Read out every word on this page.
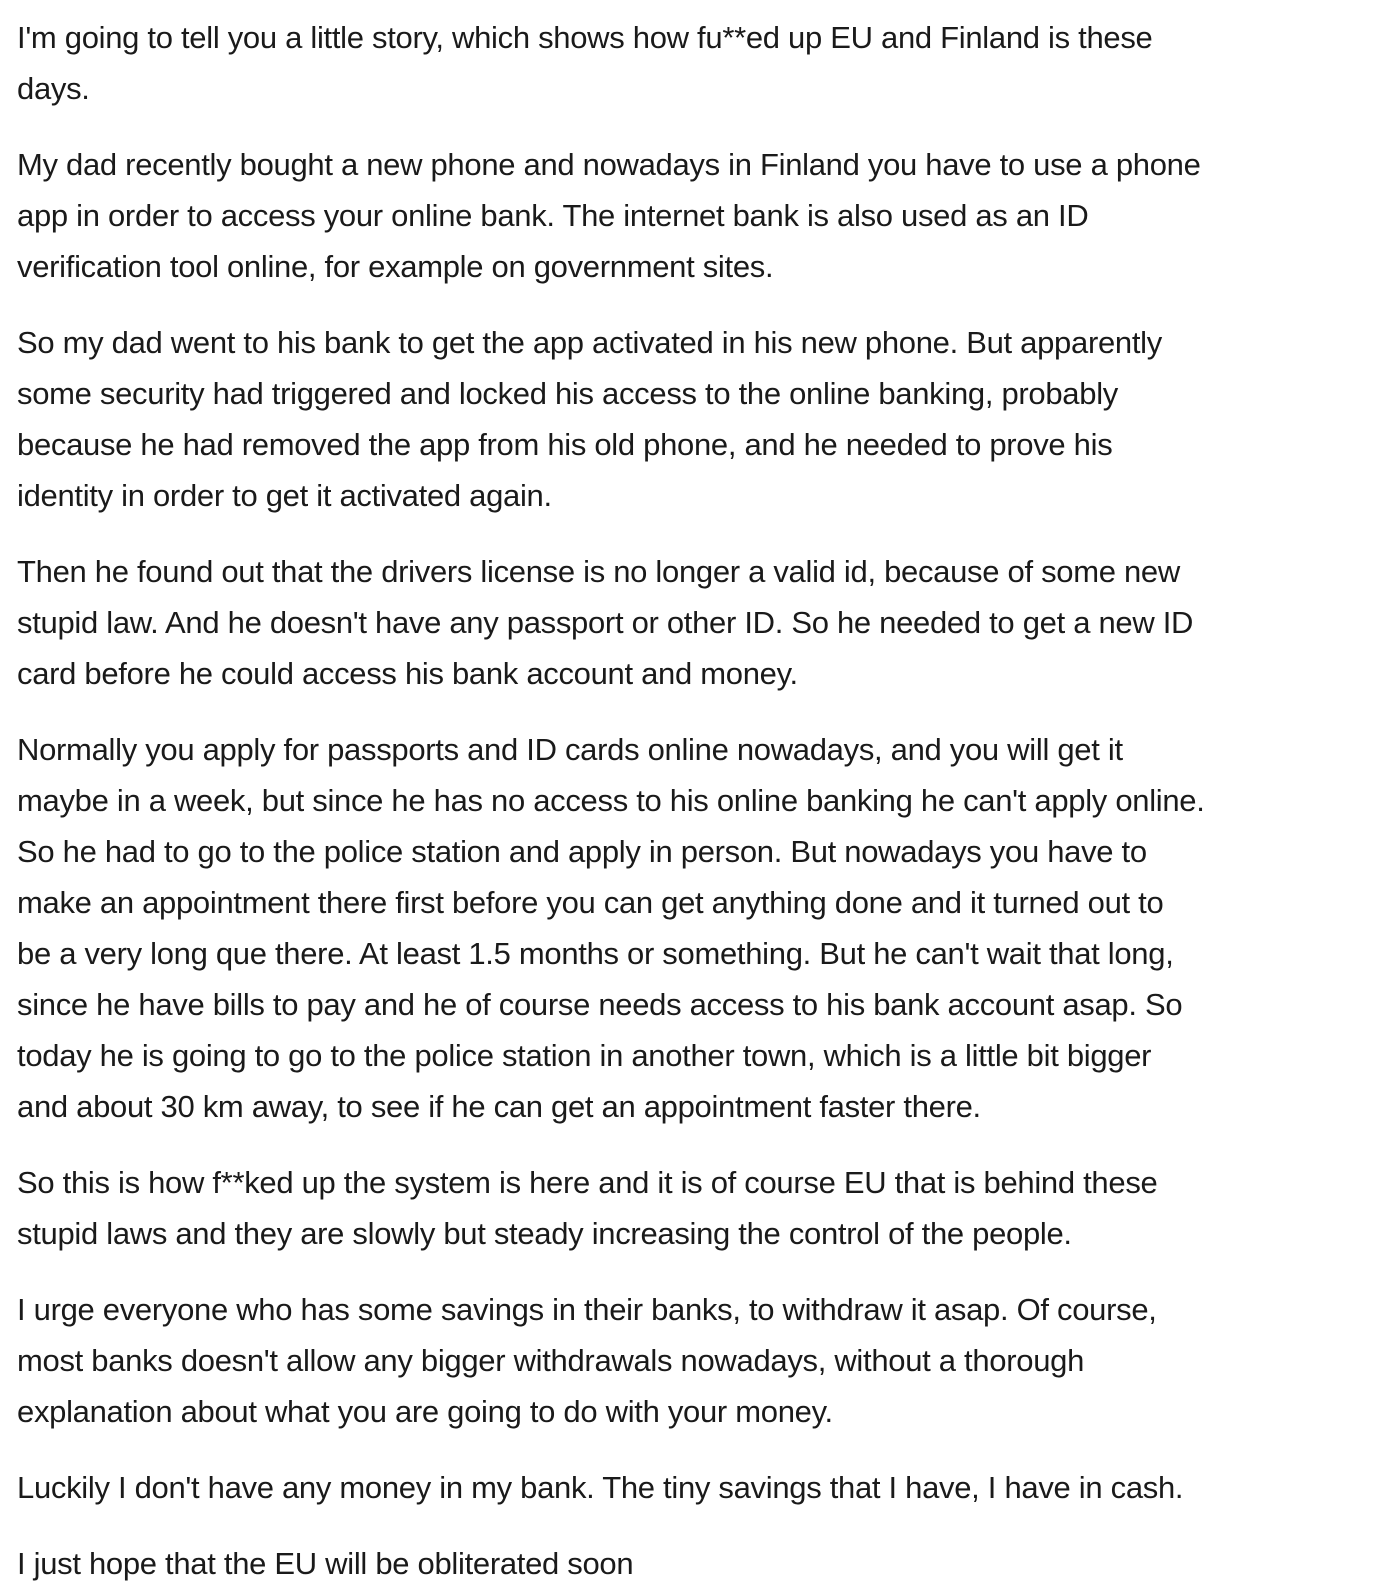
I'm going to tell you a little story, which shows how fu**ed up EU and Finland is these
days.

My dad recently bought a new phone and nowadays in Finland you have to use a phone
app in order to access your online bank. The internet bank is also used as an ID
verification tool online, for example on government sites.

So my dad went to his bank to get the app activated in his new phone. But apparently
some security had triggered and locked his access to the online banking, probably
because he had removed the app from his old phone, and he needed to prove his
identity in order to get it activated again.

Then he found out that the drivers license is no longer a valid id, because of some new
stupid law. And he doesn't have any passport or other ID. So he needed to get a new ID
card before he could access his bank account and money.

Normally you apply for passports and ID cards online nowadays, and you will get it
maybe in a week, but since he has no access to his online banking he can't apply online.
So he had to go to the police station and apply in person. But nowadays you have to
make an appointment there first before you can get anything done and it turned out to
be a very long que there. At least 1.5 months or something. But he can't wait that long,
since he have bills to pay and he of course needs access to his bank account asap. So
today he is going to go to the police station in another town, which is a little bit bigger
and about 30 km away, to see if he can get an appointment faster there.

So this is how f**ked up the system is here and it is of course EU that is behind these
stupid laws and they are slowly but steady increasing the control of the people.

I urge everyone who has some savings in their banks, to withdraw it asap. Of course,
most banks doesn't allow any bigger withdrawals nowadays, without a thorough
explanation about what you are going to do with your money.

Luckily I don't have any money in my bank. The tiny savings that I have, I have in cash.

I just hope that the EU will be obliterated soon
